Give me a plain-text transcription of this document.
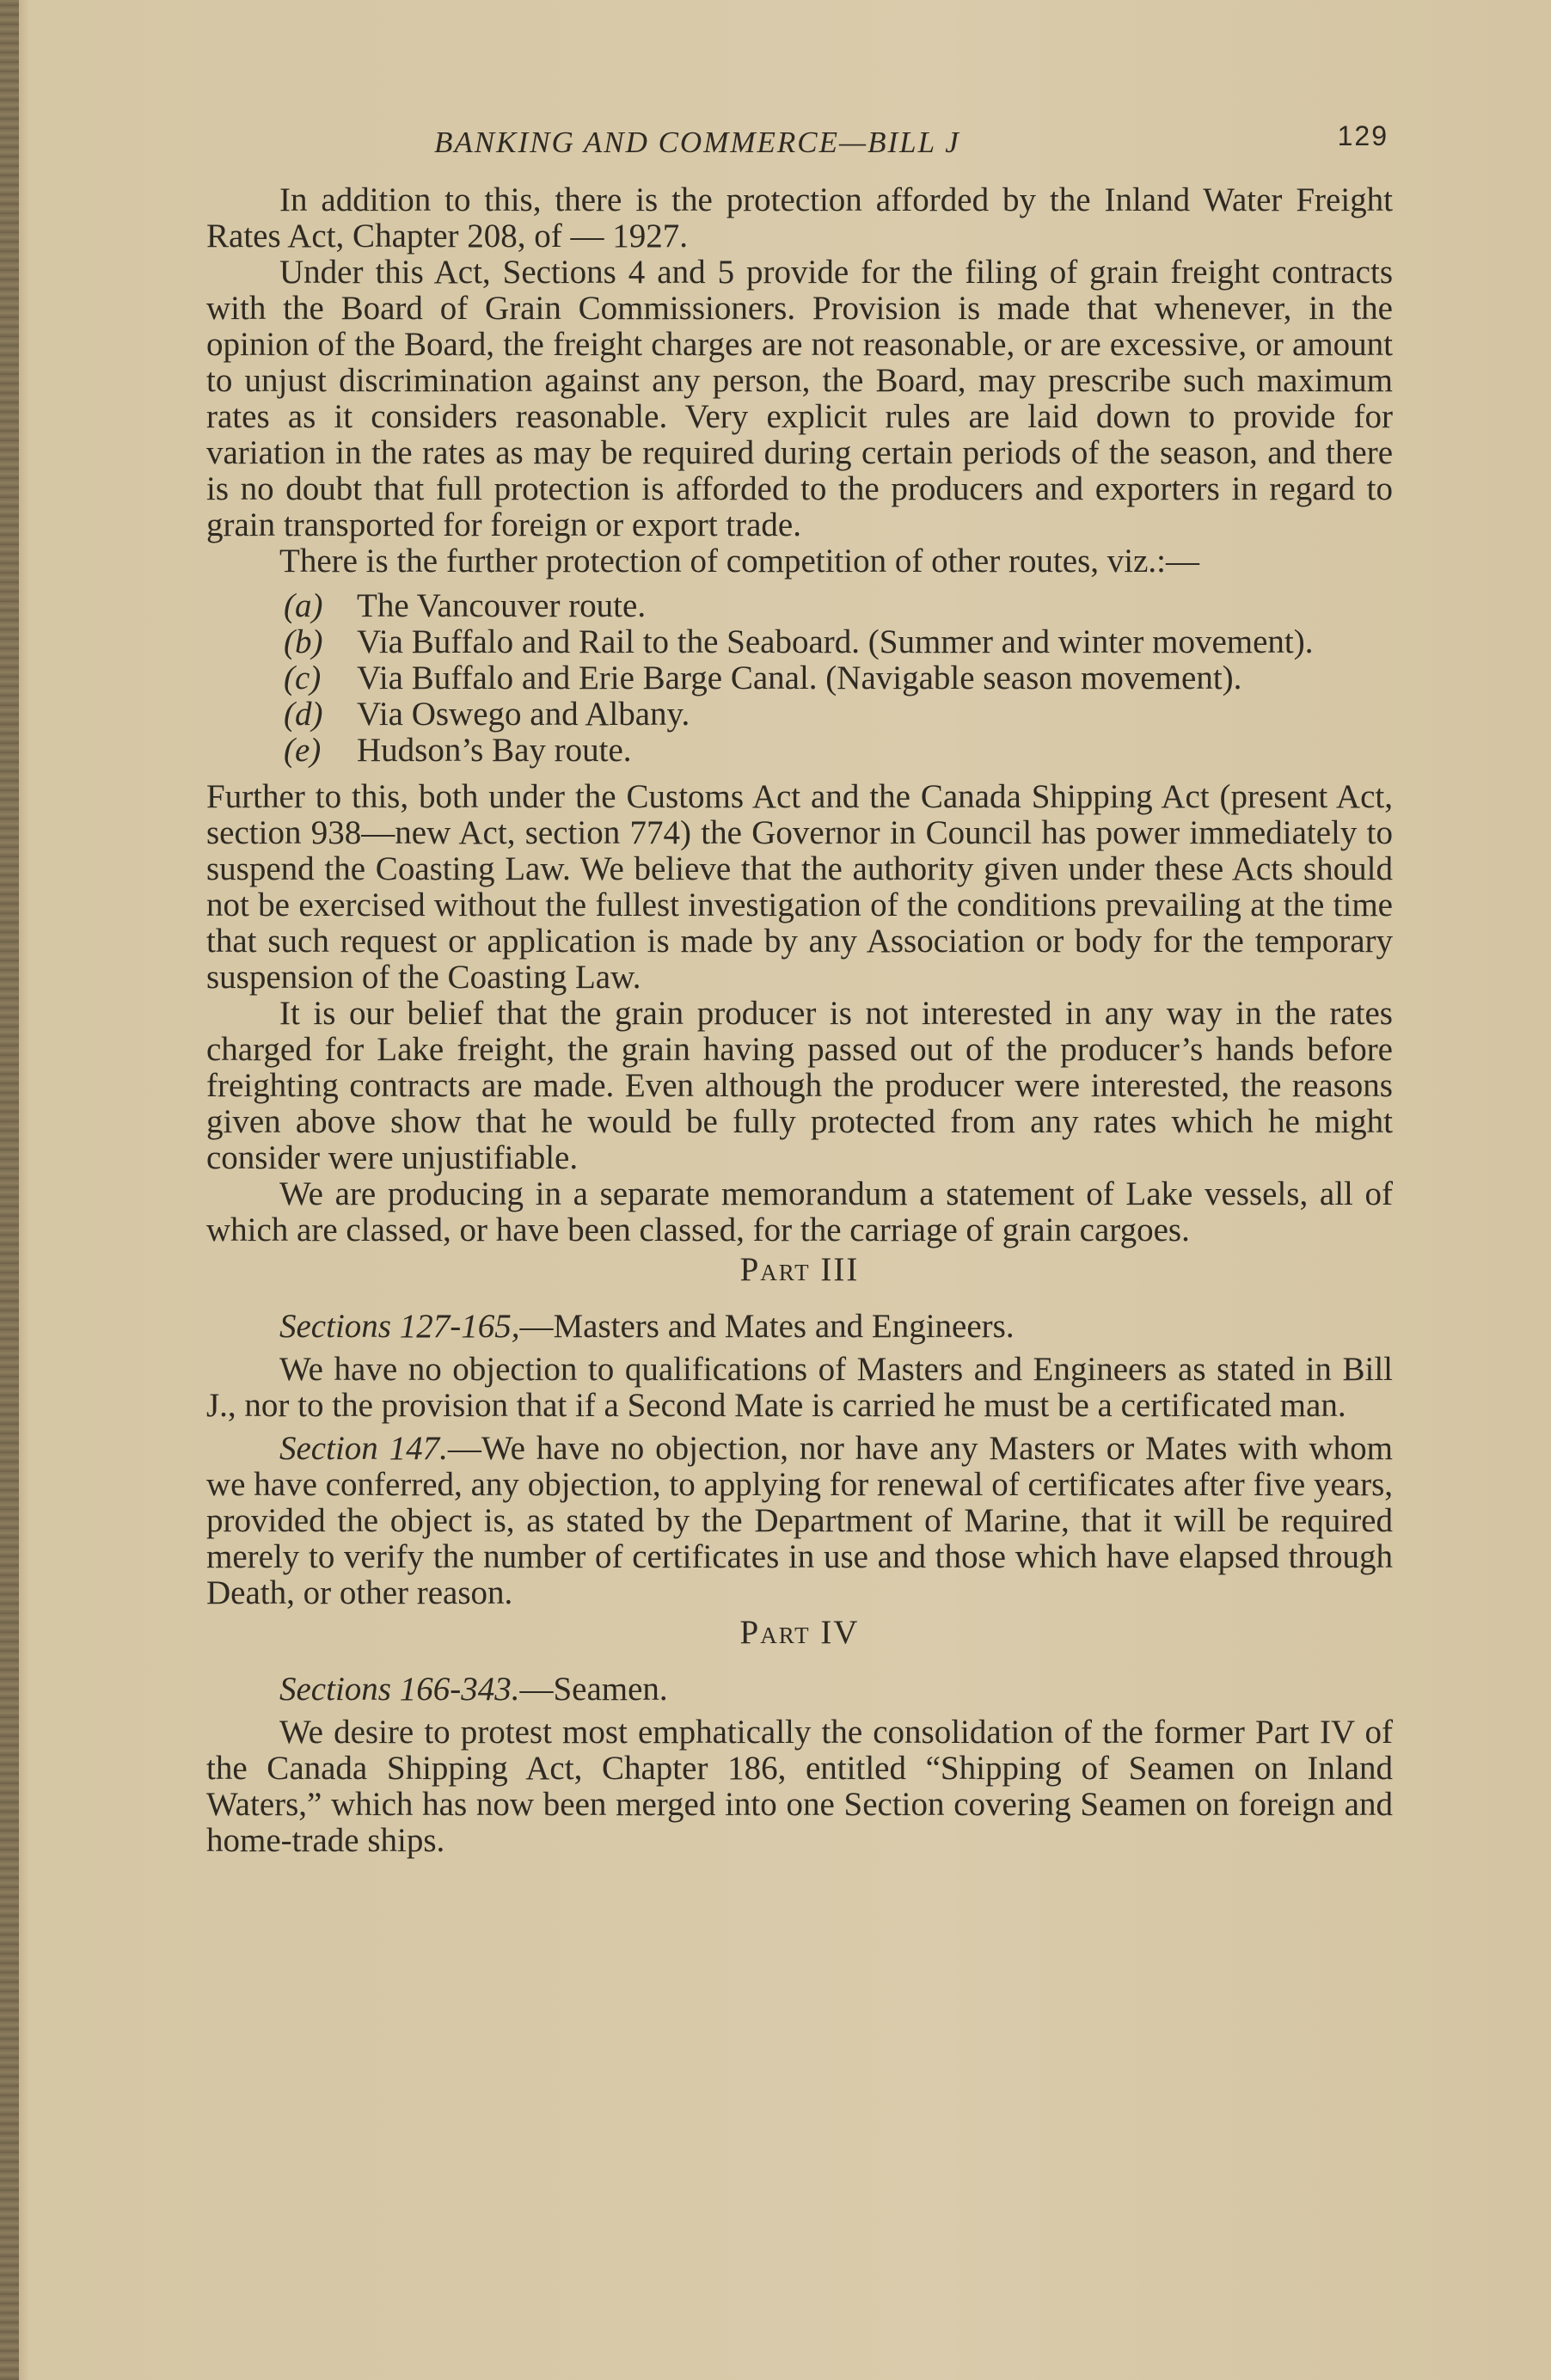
BANKING AND COMMERCE—BILL J	129

In addition to this, there is the protection afforded by the Inland Water Freight Rates Act, Chapter 208, of — 1927.

Under this Act, Sections 4 and 5 provide for the filing of grain freight contracts with the Board of Grain Commissioners. Provision is made that whenever, in the opinion of the Board, the freight charges are not reasonable, or are excessive, or amount to unjust discrimination against any person, the Board, may prescribe such maximum rates as it considers reasonable. Very explicit rules are laid down to provide for variation in the rates as may be required during certain periods of the season, and there is no doubt that full protection is afforded to the producers and exporters in regard to grain transported for foreign or export trade.

There is the further protection of competition of other routes, viz.:—

(a) The Vancouver route.
(b) Via Buffalo and Rail to the Seaboard. (Summer and winter movement).
(c) Via Buffalo and Erie Barge Canal. (Navigable season movement).
(d) Via Oswego and Albany.
(e) Hudson’s Bay route.

Further to this, both under the Customs Act and the Canada Shipping Act (present Act, section 938—new Act, section 774) the Governor in Council has power immediately to suspend the Coasting Law. We believe that the authority given under these Acts should not be exercised without the fullest investigation of the conditions prevailing at the time that such request or application is made by any Association or body for the temporary suspension of the Coasting Law.

It is our belief that the grain producer is not interested in any way in the rates charged for Lake freight, the grain having passed out of the producer’s hands before freighting contracts are made. Even although the producer were interested, the reasons given above show that he would be fully protected from any rates which he might consider were unjustifiable.

We are producing in a separate memorandum a statement of Lake vessels, all of which are classed, or have been classed, for the carriage of grain cargoes.

Part III

Sections 127-165,—Masters and Mates and Engineers.

We have no objection to qualifications of Masters and Engineers as stated in Bill J., nor to the provision that if a Second Mate is carried he must be a certificated man.

Section 147.—We have no objection, nor have any Masters or Mates with whom we have conferred, any objection, to applying for renewal of certificates after five years, provided the object is, as stated by the Department of Marine, that it will be required merely to verify the number of certificates in use and those which have elapsed through Death, or other reason.

Part IV

Sections 166-343.—Seamen.

We desire to protest most emphatically the consolidation of the former Part IV of the Canada Shipping Act, Chapter 186, entitled “Shipping of Seamen on Inland Waters,” which has now been merged into one Section covering Seamen on foreign and home-trade ships.
